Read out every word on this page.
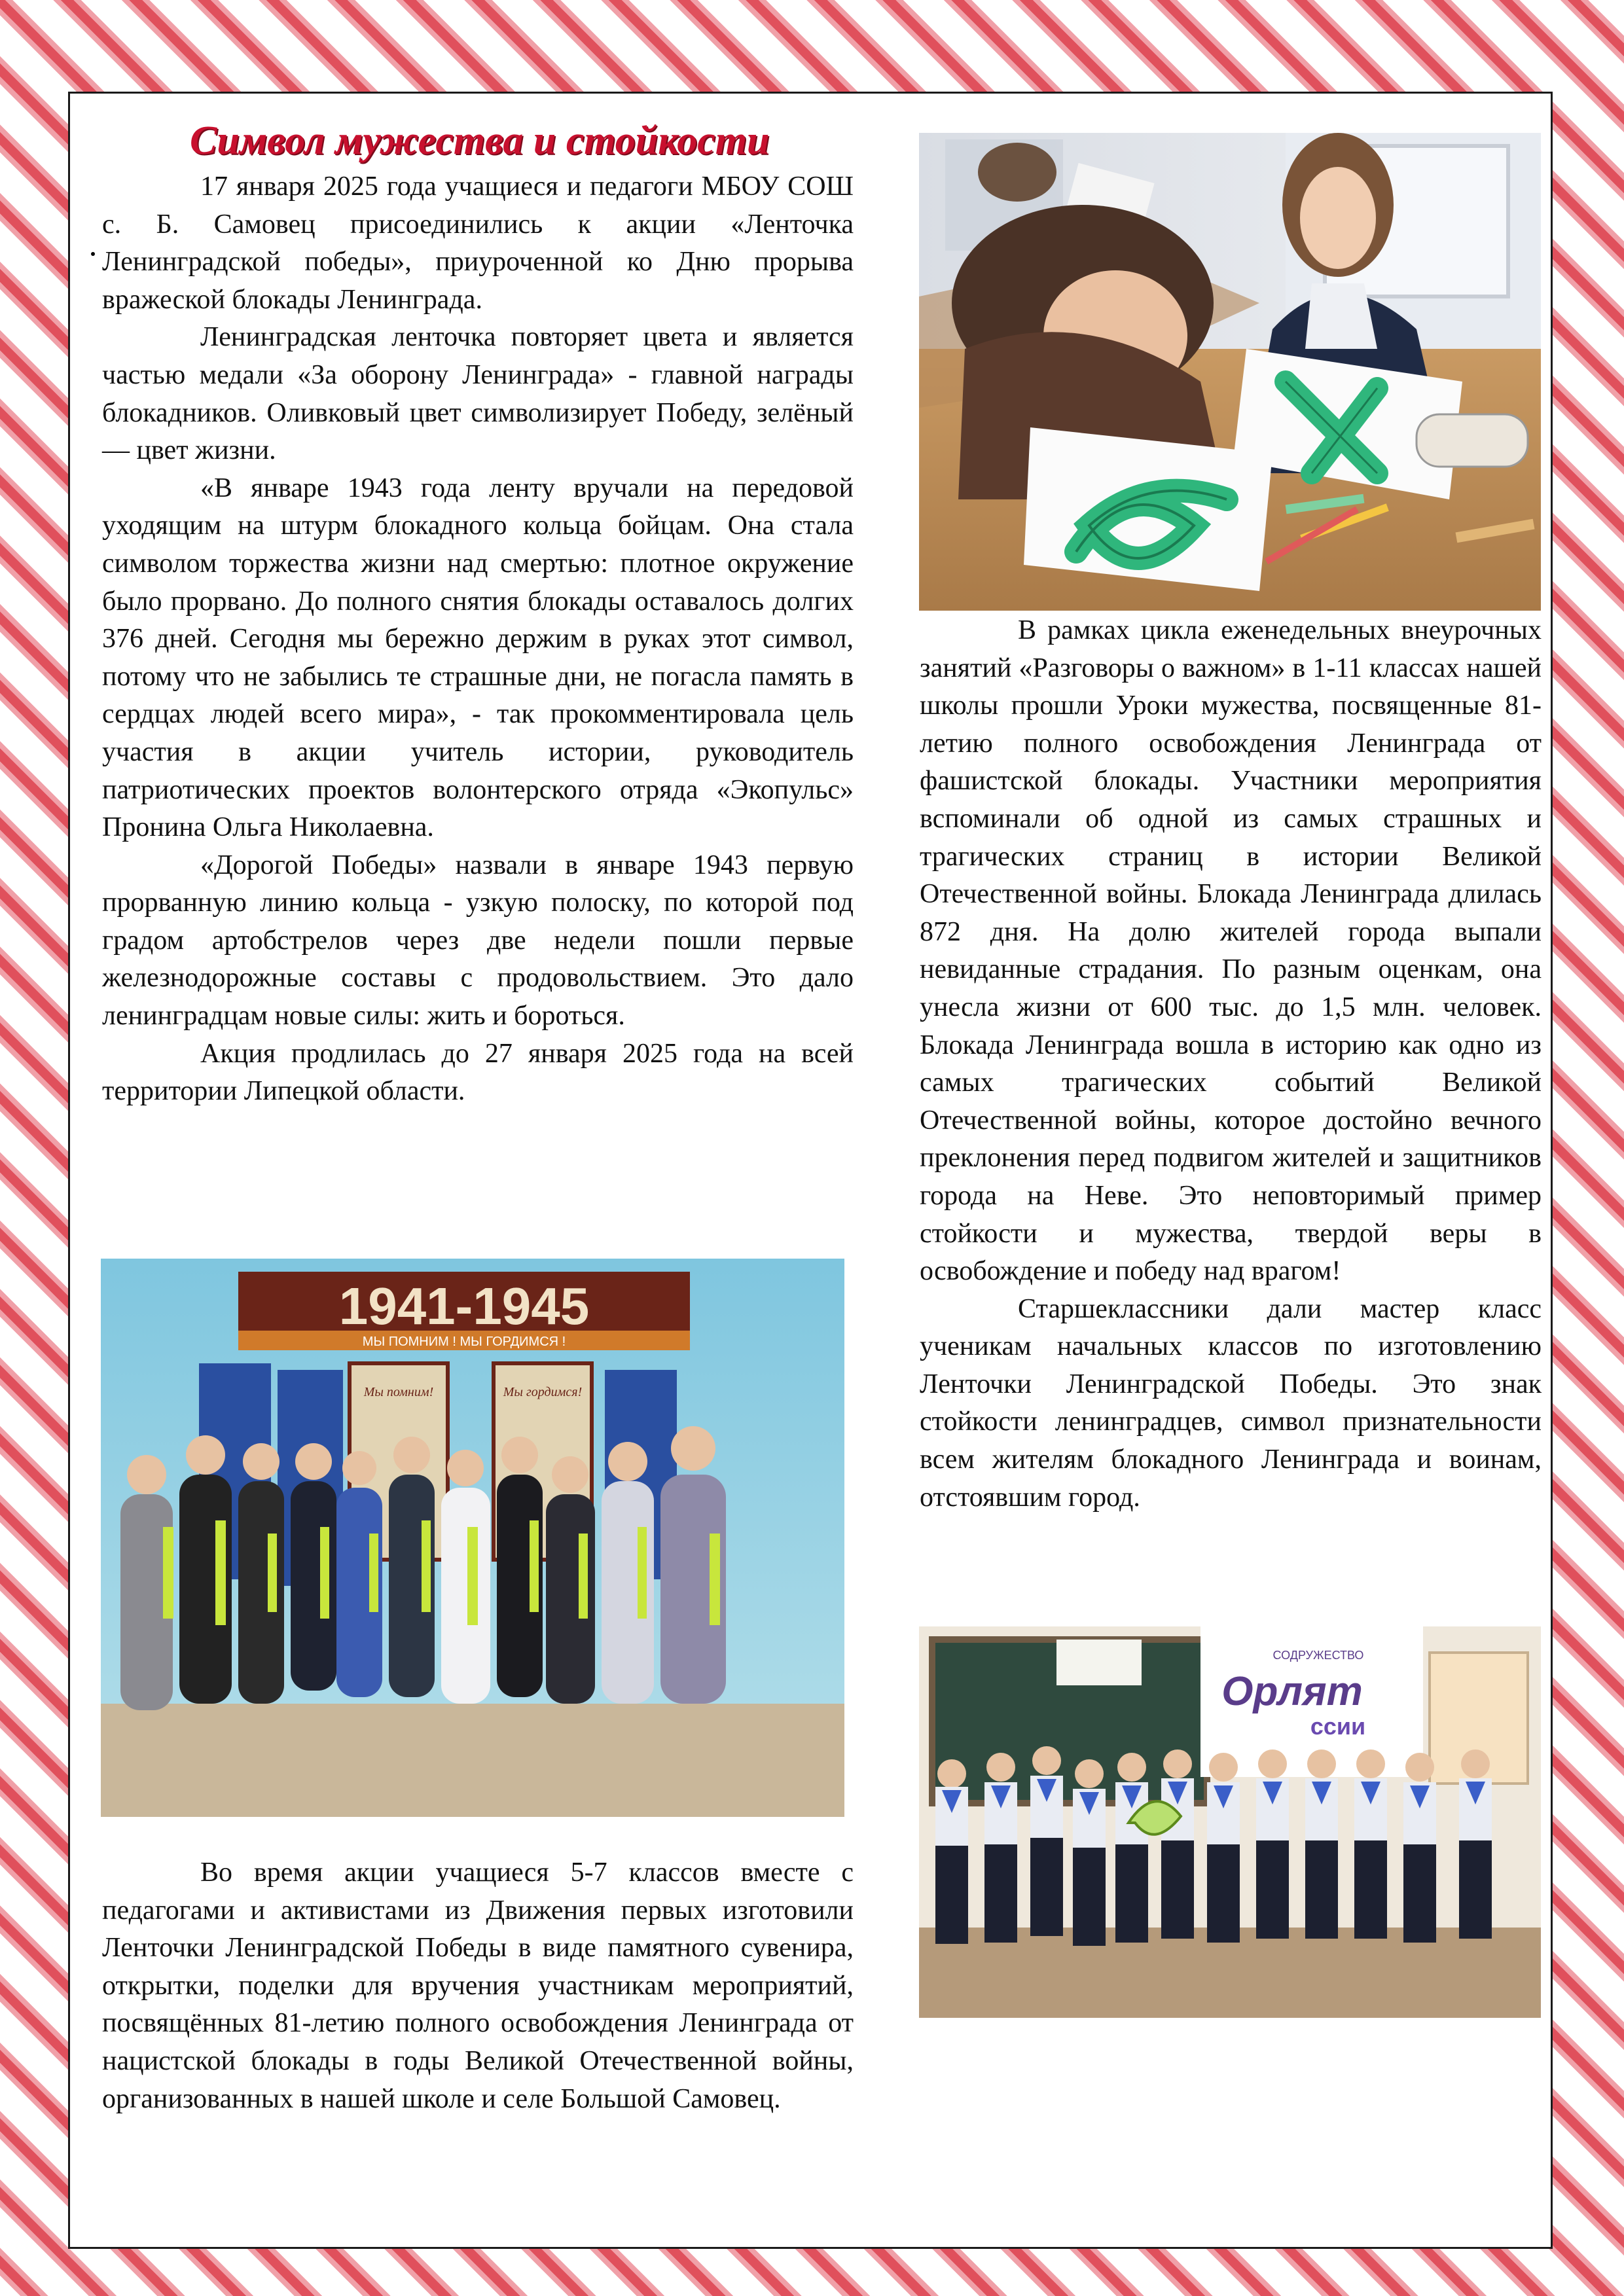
Символ мужества и стойкости

17 января 2025 года учащиеся и педагоги МБОУ СОШ с. Б. Самовец присоединились к акции «Ленточка Ленинградской победы», приуроченной ко Дню прорыва вражеской блокады Ленинграда.

Ленинградская ленточка повторяет цвета и является частью медали «За оборону Ленинграда» - главной награды блокадников. Оливковый цвет символизирует Победу, зелёный — цвет жизни.

«В январе 1943 года ленту вручали на передовой уходящим на штурм блокадного кольца бойцам. Она стала символом торжества жизни над смертью: плотное окружение было прорвано. До полного снятия блокады оставалось долгих 376 дней. Сегодня мы бережно держим в руках этот символ, потому что не забылись те страшные дни, не погасла память в сердцах людей всего мира», - так прокомментировала цель участия в акции учитель истории, руководитель патриотических проектов волонтерского отряда «Экопульс» Пронина Ольга Николаевна.

«Дорогой Победы» назвали в январе 1943 первую прорванную линию кольца - узкую полоску, по которой под градом артобстрелов через две недели пошли первые железнодорожные составы с продовольствием. Это дало ленинградцам новые силы: жить и бороться.

Акция продлилась до 27 января 2025 года на всей территории Липецкой области.

Во время акции учащиеся 5-7 классов вместе с педагогами и активистами из Движения первых изготовили Ленточки Ленинградской Победы в виде памятного сувенира, открытки, поделки для вручения участникам мероприятий, посвящённых 81-летию полного освобождения Ленинграда от нацистской блокады в годы Великой Отечественной войны, организованных в нашей школе и селе Большой Самовец.

В рамках цикла еженедельных внеурочных занятий «Разговоры о важном» в 1-11 классах нашей школы прошли Уроки мужества, посвященные 81-летию полного освобождения Ленинграда от фашистской блокады. Участники мероприятия вспоминали об одной из самых страшных и трагических страниц в истории Великой Отечественной войны. Блокада Ленинграда длилась 872 дня. На долю жителей города выпали невиданные страдания. По разным оценкам, она унесла жизни от 600 тыс. до 1,5 млн. человек. Блокада Ленинграда вошла в историю как одно из самых трагических событий Великой Отечественной войны, которое достойно вечного преклонения перед подвигом жителей и защитников города на Неве. Это неповторимый пример стойкости и мужества, твердой веры в освобождение и победу над врагом!

Старшеклассники дали мастер класс ученикам начальных классов по изготовлению Ленточки Ленинградской Победы. Это знак стойкости ленинградцев, символ признательности всем жителям блокадного Ленинграда и воинам, отстоявшим город.

1941-1945
МЫ ПОМНИМ ! МЫ ГОРДИМСЯ !
Мы помним!	Мы гордимся!
СОДРУЖЕСТВО
Орлят
ссии
